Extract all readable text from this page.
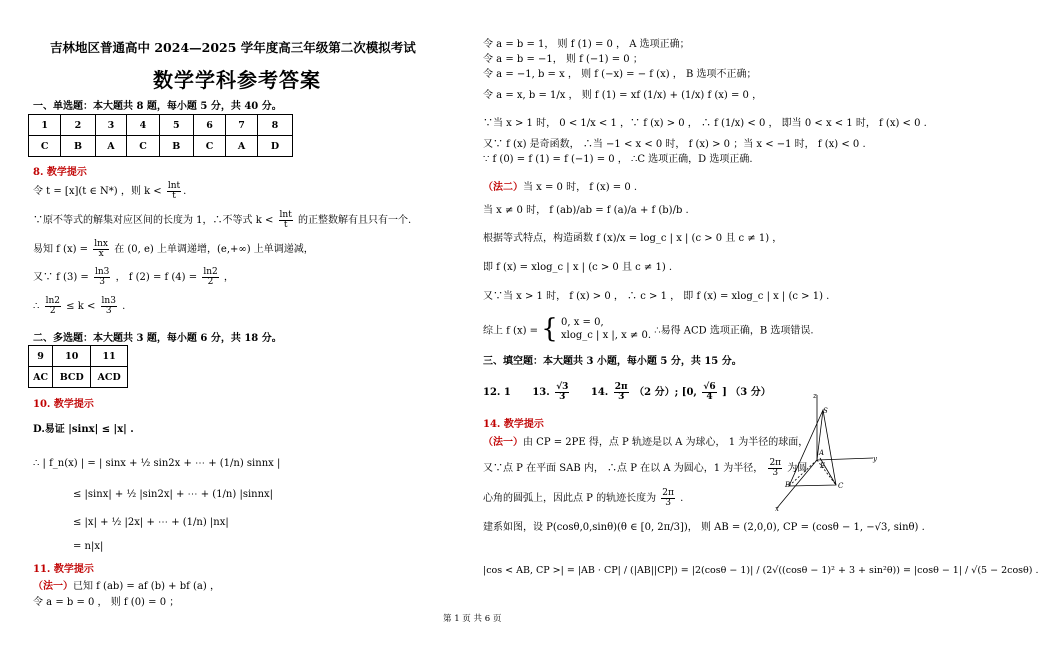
吉林地区普通高中 2024—2025 学年度高三年级第二次模拟考试
数学学科参考答案
一、单选题：本大题共 8 题，每小题 5 分，共 40 分。
1	2	3	4	5	6	7	8
C	B	A	C	B	C	A	D
8. 教学提示
令 t = [x](t ∈ N*) ，则 $k < \frac{\ln t}{t}$ .
∵原不等式的解集对应区间的长度为 1，∴不等式 $k < \frac{\ln t}{t}$ 的正整数解有且只有一个.
易知 f $(x) = \frac{\ln x}{x}$ 在 (0, e) 上单调递增，(e,+∞) 上单调递减，
又∵ f $(3) = \frac{\ln 3}{3}$ ， f (2) = f $(4) = \frac{\ln 2}{2}$ ，
∴ $\frac{\ln 2}{2} \le k < \frac{\ln 3}{3}$ .
二、多选题：本大题共 3 题，每小题 6 分，共 18 分。
9	10	11
AC	BCD	ACD
10. 教学提示
D.易证 |sinx| ≤ |x| .
∴ | f_n(x) | = | sinx + ½ sin2x + ⋯ + (1/n) sinnx |
≤ |sinx| + ½ |sin2x| + ⋯ + (1/n) |sinnx|
≤ |x| + ½ |2x| + ⋯ + (1/n) |nx|
= n|x|
11. 教学提示
（法一）已知 f (ab) = af (b) + bf (a) ，
令 a = b = 0 ， 则 f (0) = 0 ；
令 a = b = 1， 则 f (1) = 0 ， A 选项正确；
令 a = b = −1， 则 f (−1) = 0 ；
令 a = −1, b = x ， 则 f (−x) = − f (x) ， B 选项不正确；
令 a = x, b = 1/x ， 则 f (1) = xf (1/x) + (1/x) f (x) = 0 ，
∵当 x > 1 时， 0 < 1/x < 1 ，∵ f (x) > 0 ， ∴ f (1/x) < 0 ， 即当 0 < x < 1 时， f (x) < 0 .
又∵ f (x) 是奇函数， ∴当 −1 < x < 0 时， f (x) > 0 ；当 x < −1 时， f (x) < 0 .
∵ f (0) = f (1) = f (−1) = 0 ， ∴C 选项正确，D 选项正确.
（法二）当 x = 0 时， f (x) = 0 .
当 x ≠ 0 时， f (ab)/ab = f (a)/a + f (b)/b .
根据等式特点，构造函数 f (x)/x = log_c | x | (c > 0 且 c ≠ 1) ，
即 f (x) = xlog_c | x | (c > 0 且 c ≠ 1) .
又∵当 x > 1 时， f (x) > 0 ， ∴ c > 1 ， 即 f (x) = xlog_c | x | (c > 1) .
综上 f (x) = { 0, x = 0,
xlog_c | x |, x ≠ 0. ∴易得 ACD 选项正确，B 选项错误.
三、填空题：本大题共 3 小题，每小题 5 分，共 15 分。
12. 1 13. $\frac{√3}{3} 14$. $\frac{2\pi}{3} (2$ 分）; [0, $\frac{√6}{4}$ ] （3 分）
14. 教学提示
（法一）由 CP = 2PE 得，点 P 轨迹是以 A 为球心， 1 为半径的球面，
又∵点 P 在平面 SAB 内， ∴点 P 在以 A 为圆心，1 为半径， $\frac{2\pi}{3}$ 为圆
心角的圆弧上，因此点 P 的轨迹长度为 $\frac{2\pi}{3}$ .
建系如图，设 P(cosθ,0,sinθ)(θ ∈ [0, 2π/3])， 则 AB = (2,0,0), CP = (cosθ − 1, −√3, sinθ) .
|cos < AB, CP >| = |AB · CP| / (|AB||CP|) = |2(cosθ − 1)| / (2√((cosθ − 1)² + 3 + sin²θ)) = |cosθ − 1| / √(5 − 2cosθ) .
z
S
y
E
A
B	C
x
第 1 页 共 6 页
